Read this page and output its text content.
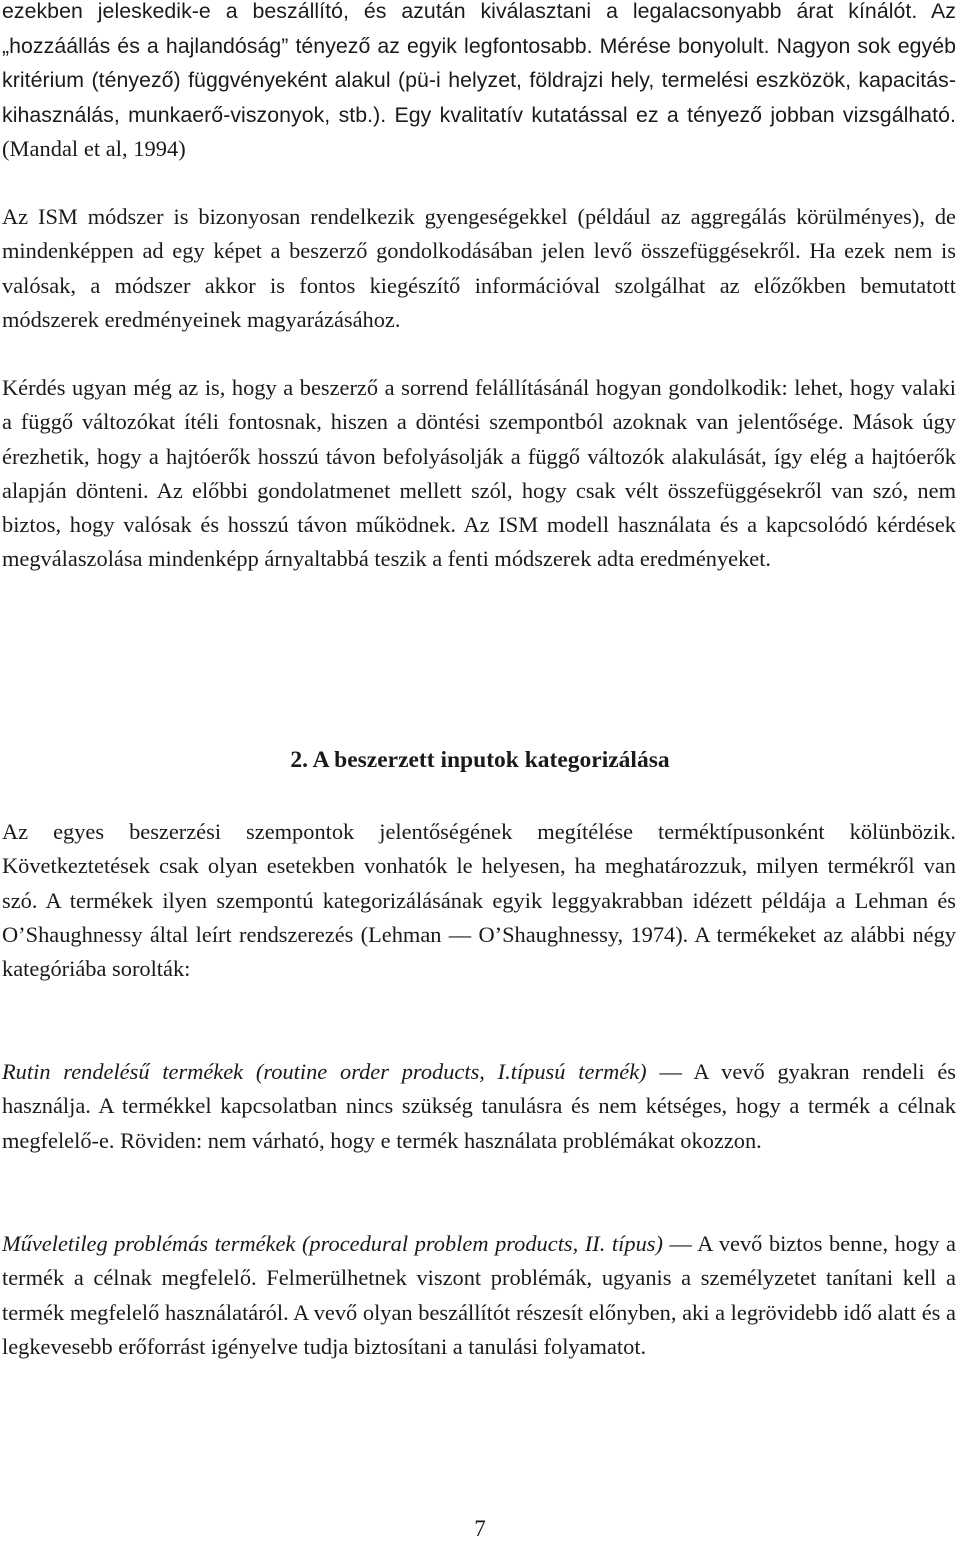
ezekben jeleskedik-e a beszállító, és azután kiválasztani a legalacsonyabb árat kínálót. Az „hozzáállás és a hajlandóság” tényező az egyik legfontosabb. Mérése bonyolult. Nagyon sok egyéb kritérium (tényező) függvényeként alakul (pü-i helyzet, földrajzi hely, termelési eszközök, kapacitás-kihasználás, munkaerő-viszonyok, stb.). Egy kvalitatív kutatással ez a tényező jobban vizsgálható. (Mandal et al, 1994)

Az ISM módszer is bizonyosan rendelkezik gyengeségekkel (például az aggregálás körülményes), de mindenképpen ad egy képet a beszerző gondolkodásában jelen levő összefüggésekről. Ha ezek nem is valósak, a módszer akkor is fontos kiegészítő információval szolgálhat az előzőkben bemutatott módszerek eredményeinek magyarázásához.

Kérdés ugyan még az is, hogy a beszerző a sorrend felállításánál hogyan gondolkodik: lehet, hogy valaki a függő változókat ítéli fontosnak, hiszen a döntési szempontból azoknak van jelentősége. Mások úgy érezhetik, hogy a hajtóerők hosszú távon befolyásolják a függő változók alakulását, így elég a hajtóerők alapján dönteni. Az előbbi gondolatmenet mellett szól, hogy csak vélt összefüggésekről van szó, nem biztos, hogy valósak és hosszú távon működnek. Az ISM modell használata és a kapcsolódó kérdések megválaszolása mindenképp árnyaltabbá teszik a fenti módszerek adta eredményeket.

2. A beszerzett inputok kategorizálása

Az egyes beszerzési szempontok jelentőségének megítélése terméktípusonként kölünbözik. Következtetések csak olyan esetekben vonhatók le helyesen, ha meghatározzuk, milyen termékről van szó. A termékek ilyen szempontú kategorizálásának egyik leggyakrabban idézett példája a Lehman és O’Shaughnessy által leírt rendszerezés (Lehman — O’Shaughnessy, 1974). A termékeket az alábbi négy kategóriába sorolták:

Rutin rendelésű termékek (routine order products, I.típusú termék) — A vevő gyakran rendeli és használja. A termékkel kapcsolatban nincs szükség tanulásra és nem kétséges, hogy a termék a célnak megfelelő-e. Röviden: nem várható, hogy e termék használata problémákat okozzon.

Műveletileg problémás termékek (procedural problem products, II. típus) — A vevő biztos benne, hogy a termék a célnak megfelelő. Felmerülhetnek viszont problémák, ugyanis a személyzetet tanítani kell a termék megfelelő használatáról. A vevő olyan beszállítót részesít előnyben, aki a legrövidebb idő alatt és a legkevesebb erőforrást igényelve tudja biztosítani a tanulási folyamatot.

7
